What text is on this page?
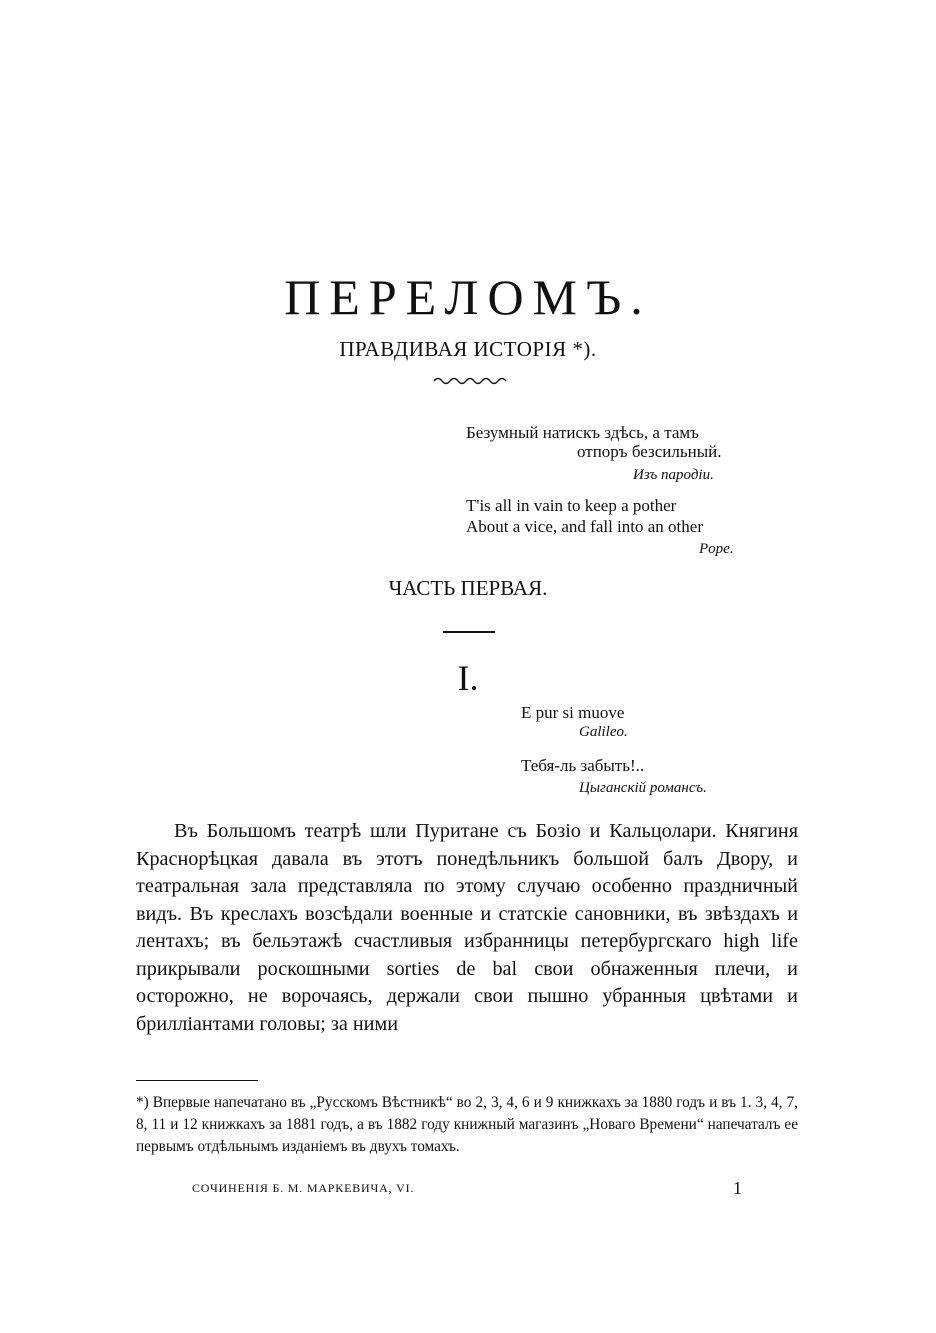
ПЕРЕЛОМЪ.
ПРАВДИВАЯ ИСТОРІЯ *).
Безумный натискъ здѣсь, а тамъ
отпоръ безсильный.
Изъ пародіи.
T'is all in vain to keep a pother
About a vice, and fall into an other
Pope.
ЧАСТЬ ПЕРВАЯ.
I.
E pur si muove
Galileo.
Тебя-ль забыть!..
Цыганскій романсъ.
Въ Большомъ театрѣ шли Пуритане съ Бозіо и Кальцолари. Княгиня Краснорѣцкая давала въ этотъ понедѣльникъ большой балъ Двору, и театральная зала представляла по этому случаю особенно праздничный видъ. Въ креслахъ возсѣдали военные и статскіе сановники, въ звѣздахъ и лентахъ; въ бельэтажѣ счастливыя избранницы петербургскаго high life прикрывали роскошными sorties de bal свои обнаженныя плечи, и осторожно, не ворочаясь, держали свои пышно убранныя цвѣтами и брилліантами головы; за ними
*) Впервые напечатано въ „Русскомъ Вѣстникѣ“ во 2, 3, 4, 6 и 9 книжкахъ за 1880 годъ и въ 1. 3, 4, 7, 8, 11 и 12 книжкахъ за 1881 годъ, а въ 1882 году книжный магазинъ „Новаго Времени“ напечаталъ ее первымъ отдѣльнымъ изданіемъ въ двухъ томахъ.
СОЧИНЕНІЯ Б. М. МАРКЕВИЧА, VI.	1
